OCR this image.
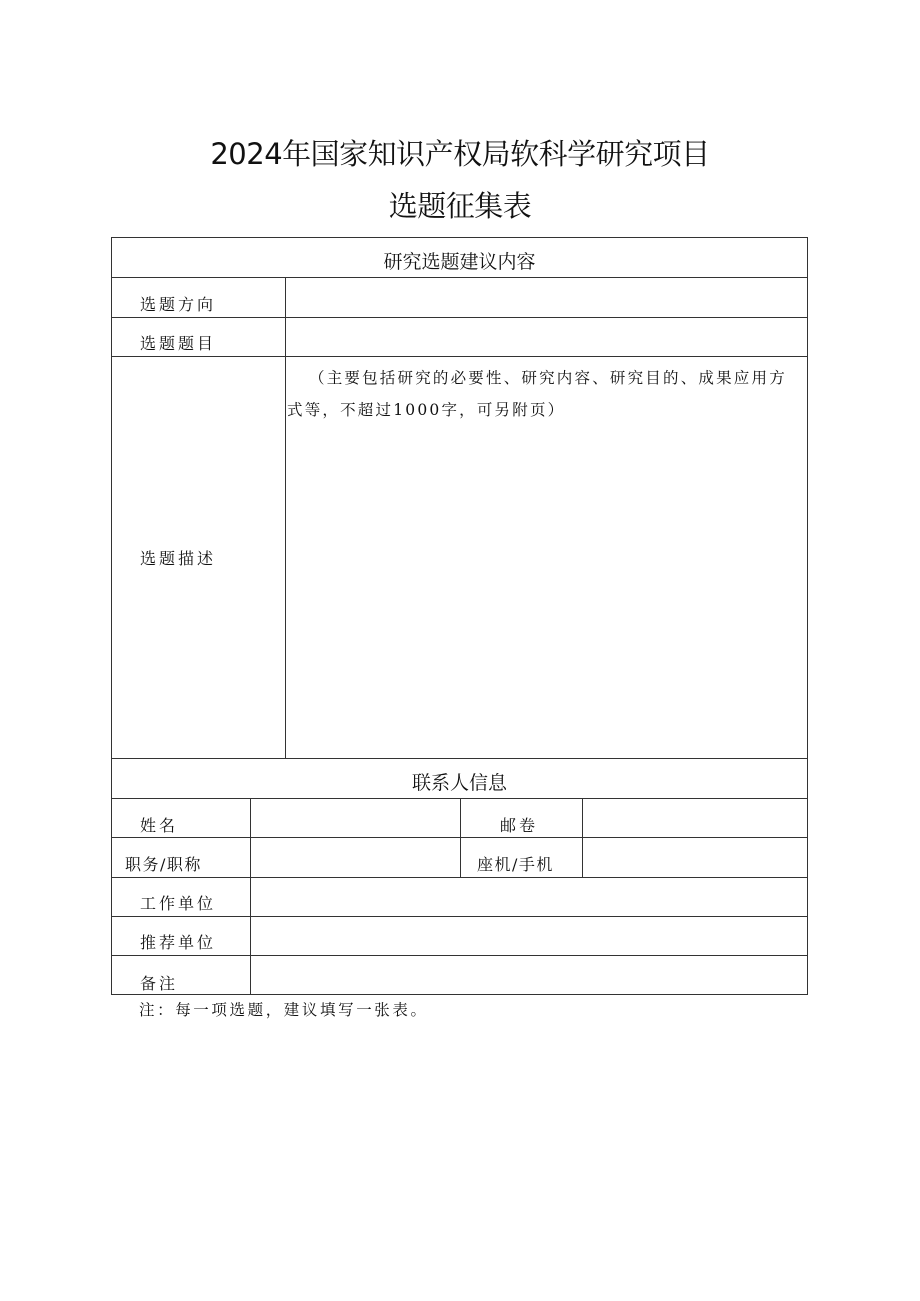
2024年国家知识产权局软科学研究项目
选题征集表
研究选题建议内容
选题方向
选题题目
选题描述

（主要包括研究的必要性、研究内容、研究目的、成果应用方式等，不超过1000字，可另附页）

联系人信息
姓名	邮卷
职务/职称	座机/手机
工作单位
推荐单位
备注
注：每一项选题，建议填写一张表。
